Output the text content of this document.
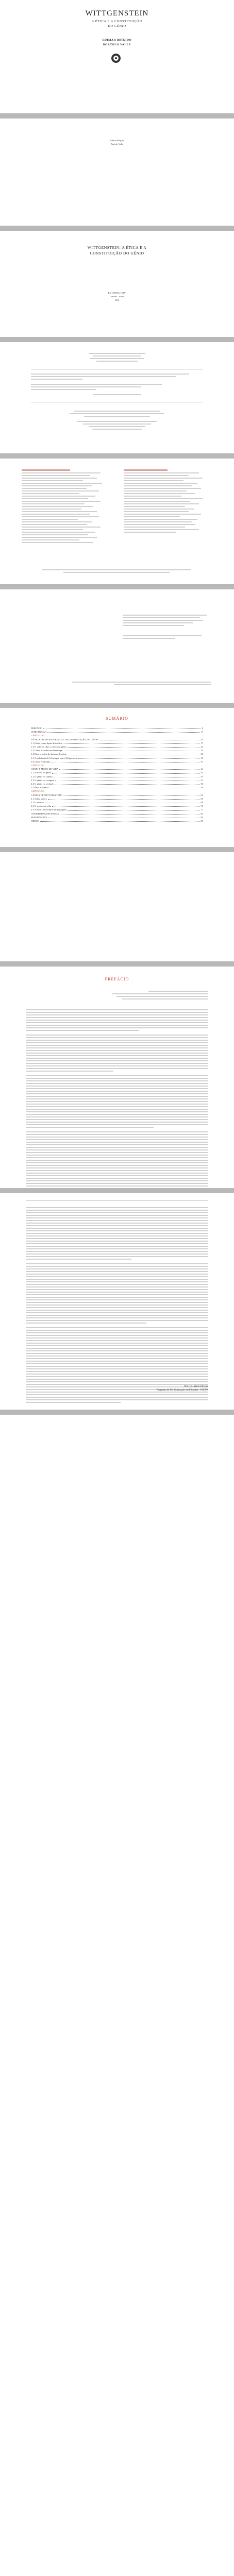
WITTGENSTEIN
A ÉTICA E A CONSTITUIÇÃO
DO GÊNIO
EDIMAR BRÍGIDO
BORTOLO VALLE
Edimar Brígido
Bortolo Valle
WITTGENSTEIN: A ÉTICA E A
CONSTITUIÇÃO DO GÊNIO
EDITORA CRV
Curitiba – Brasil
2018
SUMÁRIO
PREFÁCIO	9
INTRODUÇÃO	11
CAPÍTULO 1
A ÉTICA DO INVENTOR À LUZ DA CONSTITUIÇÃO DO GÊNIO	15
1.1 Gênio como figura filosófica	17
1.2 O valor da obra e a ética do gênio	21
1.3 Gênio e caráter em Weininger	25
1.4 Ética e a vida do homem de gênio	29
1.5 A influência de Weininger sobre Wittgenstein	33
1.6 Gênio e trabalho	37
CAPÍTULO 2
GÊNIO E MODO DE VIDA	41
2.1 A marca do gênio	43
2.2 O gênio e o talento	47
2.3 O gênio e a coragem	51
2.4 O gênio e a verdade	55
2.5 Ética e estética	59
CAPÍTULO 3
A ÉTICA DE WITTGENSTEIN	63
3.1 Sobre a ética	65
3.2 O místico	69
3.3 O sentido da vida	73
3.4 A ética como limite da linguagem	77
CONSIDERAÇÕES FINAIS	81
REFERÊNCIAS	85
ÍNDICE	89
PREFÁCIO
Prof. Dr. Jelson Oliveira
Programa de Pós-Graduação em Filosofia – PUCPR
